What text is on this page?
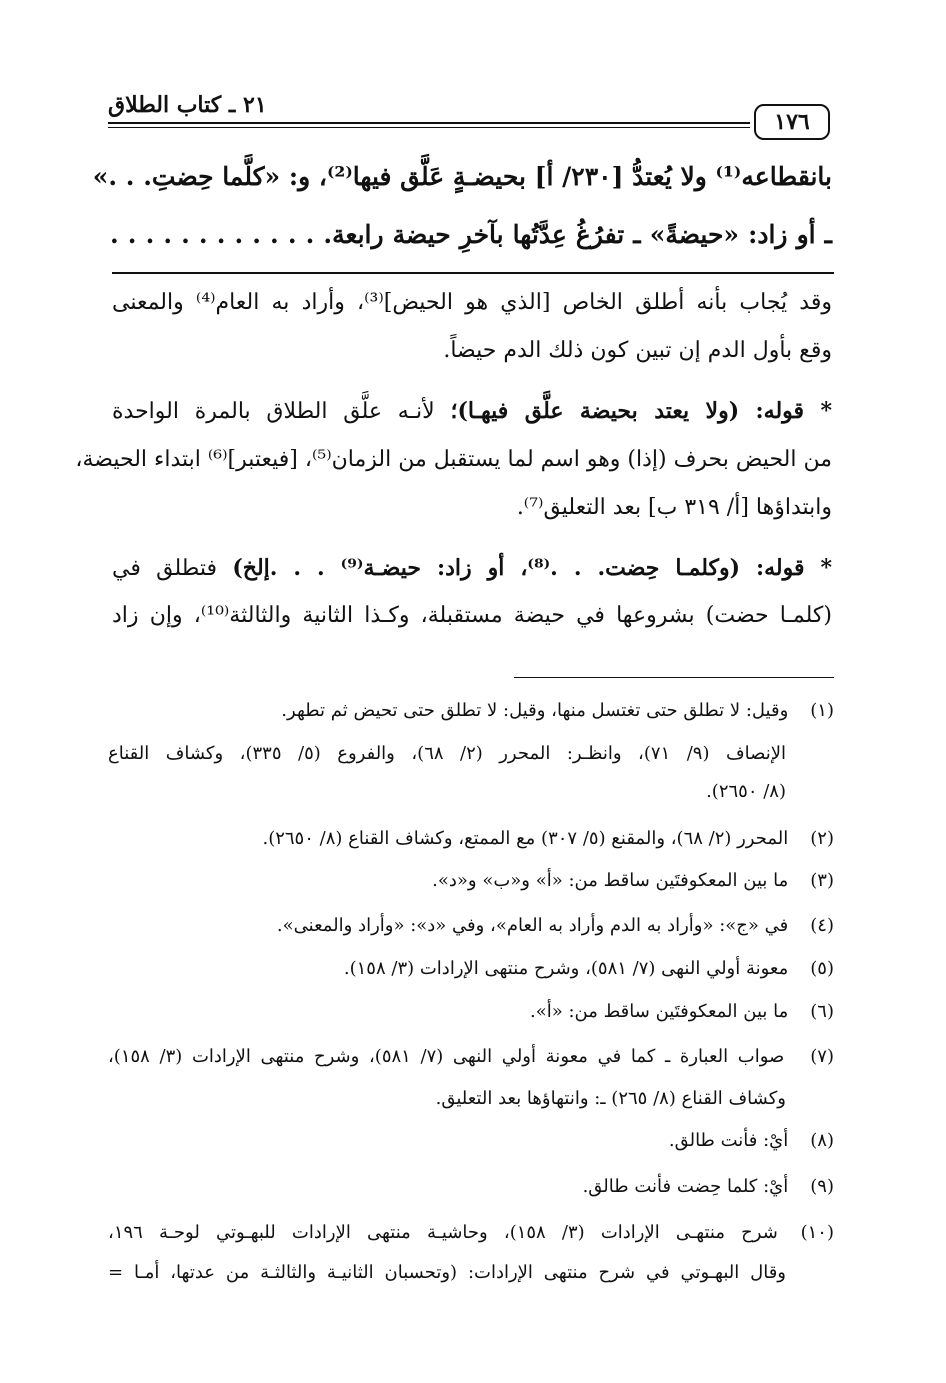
٢١ ـ كتاب الطلاق
١٧٦
بانقطاعه⁽¹⁾ ولا يُعتدُّ [٢٣٠/ أ] بحيضـةٍ عَلَّق فيها⁽²⁾، و: «كلَّما حِضتِ. . .»
ـ أو زاد: «حيضةً» ـ تفرُغُ عِدَّتُها بآخرِ حيضة رابعة. . . . . . . . . . . . .
وقد يُجاب بأنه أطلق الخاص [الذي هو الحيض]⁽³⁾، وأراد به العام⁽⁴⁾ والمعنى
وقع بأول الدم إن تبين كون ذلك الدم حيضاً.
* قوله: (ولا يعتد بحيضة علَّق فيهـا)؛ لأنـه علَّق الطلاق بالمرة الواحدة
من الحيض بحرف (إذا) وهو اسم لما يستقبل من الزمان⁽⁵⁾، [فيعتبر]⁽⁶⁾ ابتداء الحيضة،
وابتداؤها [أ/ ٣١٩ ب] بعد التعليق⁽⁷⁾.
* قوله: (وكلمـا حِضت. . .⁽⁸⁾، أو زاد: حيضـة⁽⁹⁾ . . .إلخ) فتطلق في
(كلمـا حضت) بشروعها في حيضة مستقبلة، وكـذا الثانية والثالثة⁽¹⁰⁾، وإن زاد
(١) وقيل: لا تطلق حتى تغتسل منها، وقيل: لا تطلق حتى تحيض ثم تطهر.
الإنصاف (٩/ ٧١)، وانظـر: المحرر (٢/ ٦٨)، والفروع (٥/ ٣٣٥)، وكشاف القناع
(٨/ ٢٦٥٠).
(٢) المحرر (٢/ ٦٨)، والمقنع (٥/ ٣٠٧) مع الممتع، وكشاف القناع (٨/ ٢٦٥٠).
(٣) ما بين المعكوفتَين ساقط من: «أ» و«ب» و«د».
(٤) في «ج»: «وأراد به الدم وأراد به العام»، وفي «د»: «وأراد والمعنى».
(٥) معونة أولي النهى (٧/ ٥٨١)، وشرح منتهى الإرادات (٣/ ١٥٨).
(٦) ما بين المعكوفتَين ساقط من: «أ».
(٧) صواب العبارة ـ كما في معونة أولي النهى (٧/ ٥٨١)، وشرح منتهى الإرادات (٣/ ١٥٨)،
وكشاف القناع (٨/ ٢٦٥) ـ: وانتهاؤها بعد التعليق.
(٨) أيْ: فأنت طالق.
(٩) أيْ: كلما حِضت فأنت طالق.
(١٠) شرح منتهـى الإرادات (٣/ ١٥٨)، وحاشيـة منتهى الإرادات للبهـوتي لوحـة ١٩٦،
وقال البهـوتي في شرح منتهى الإرادات: (وتحسبان الثانيـة والثالثـة من عدتها، أمـا =
